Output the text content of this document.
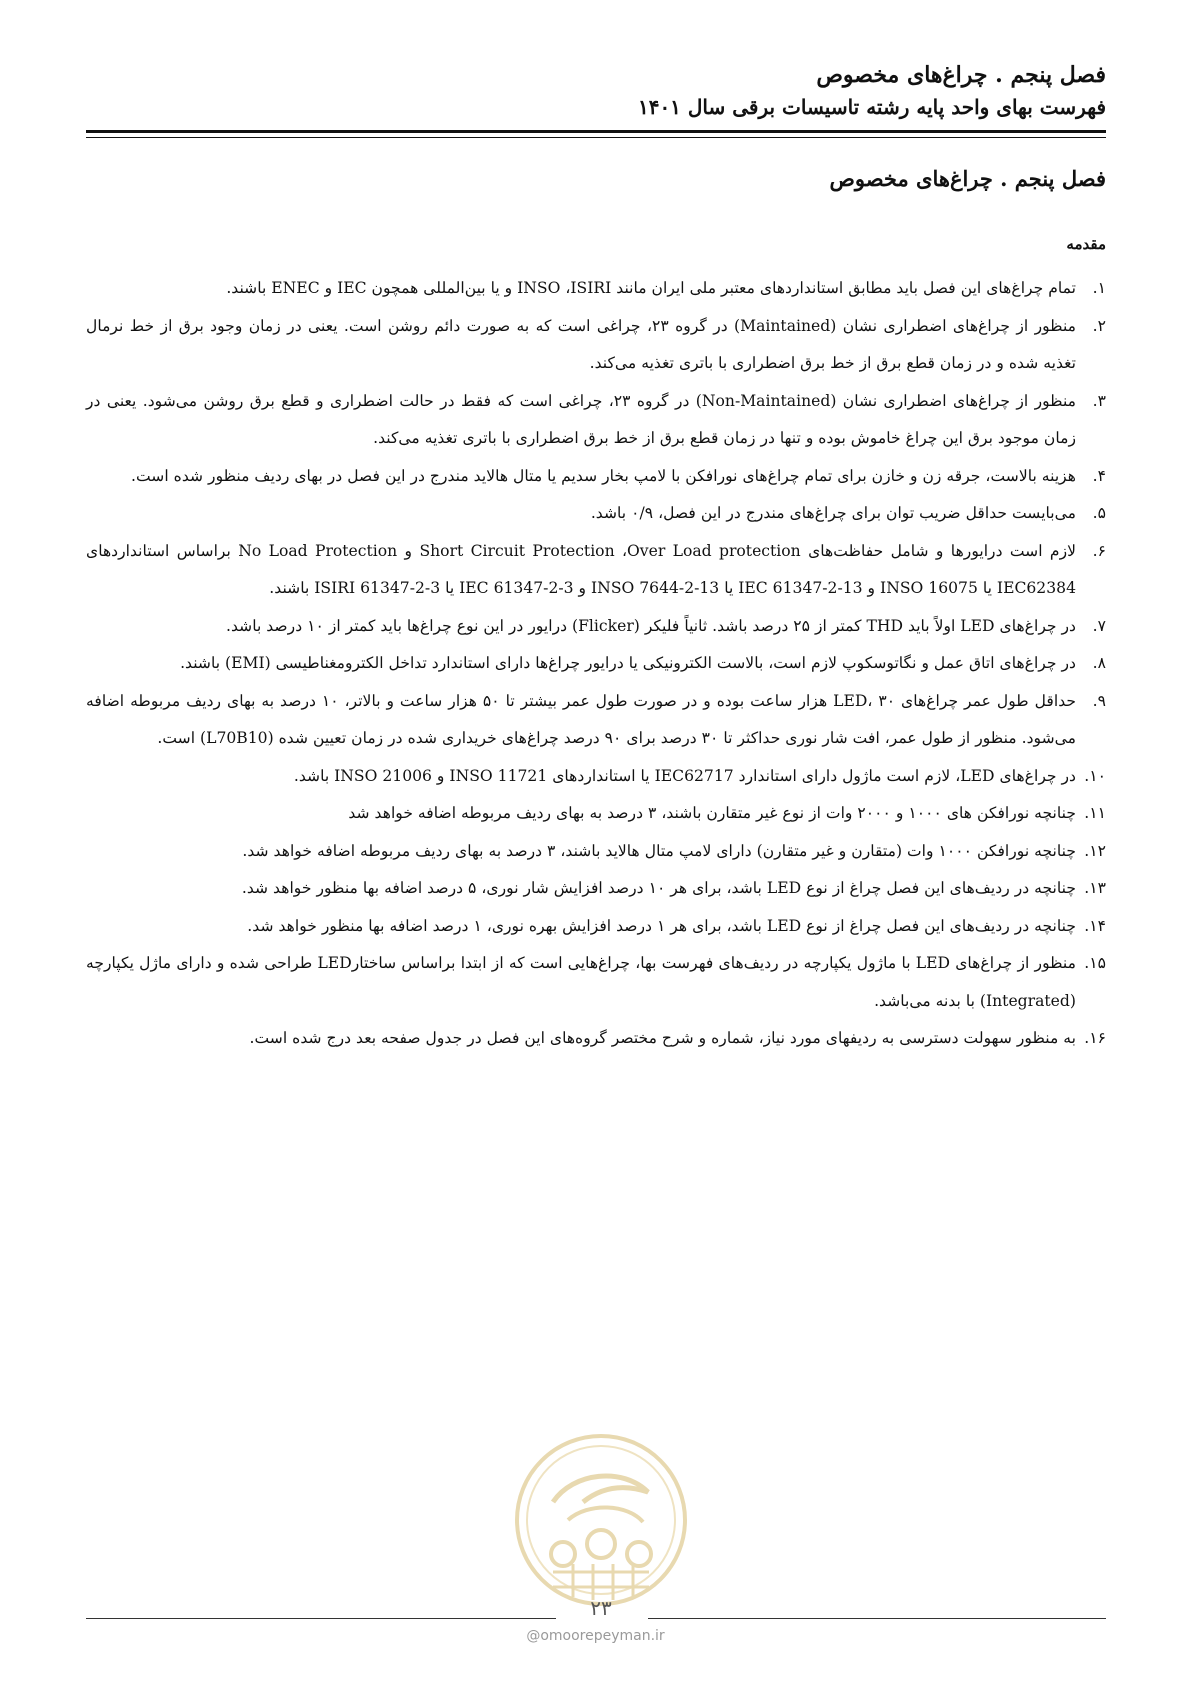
فصل پنجم . چراغ‌های مخصوص
فهرست بهای واحد پایه رشته تاسیسات برقی سال ۱۴۰۱
فصل پنجم . چراغ‌های مخصوص
مقدمه
۱.
تمام چراغ‌های این فصل باید مطابق استانداردهای معتبر ملی ایران مانند INSO ،ISIRI و یا بین‌المللی همچون IEC و ENEC باشند.
۲.
منظور از چراغ‌های اضطراری نشان (Maintained) در گروه ۲۳، چراغی است که به صورت دائم روشن است. یعنی در زمان وجود برق از خط نرمال تغذیه شده و در زمان قطع برق از خط برق اضطراری با باتری تغذیه می‌کند.
۳.
منظور از چراغ‌های اضطراری نشان (Non-Maintained) در گروه ۲۳، چراغی است که فقط در حالت اضطراری و قطع برق روشن می‌شود. یعنی در زمان موجود برق این چراغ خاموش بوده و تنها در زمان قطع برق از خط برق اضطراری با باتری تغذیه می‌کند.
۴.
هزینه بالاست، جرقه زن و خازن برای تمام چراغ‌های نورافکن با لامپ بخار سدیم یا متال هالاید مندرج در این فصل در بهای ردیف منظور شده است.
۵.
می‌بایست حداقل ضریب توان برای چراغ‌های مندرج در این فصل، ۰/۹ باشد.
۶.
لازم است درایورها و شامل حفاظت‌های Short Circuit Protection ،Over Load protection و No Load Protection براساس استانداردهای IEC62384 یا INSO 16075 و IEC 61347-2-13 یا INSO 7644-2-13 و IEC 61347-2-3 یا ISIRI 61347-2-3 باشند.
۷.
در چراغ‌های LED اولاً باید THD کمتر از ۲۵ درصد باشد. ثانیاً فلیکر (Flicker) درایور در این نوع چراغ‌ها باید کمتر از ۱۰ درصد باشد.
۸.
در چراغ‌های اتاق عمل و نگاتوسکوپ لازم است، بالاست الکترونیکی یا درایور چراغ‌ها دارای استاندارد تداخل الکترومغناطیسی (EMI) باشند.
۹.
حداقل طول عمر چراغ‌های LED، ۳۰ هزار ساعت بوده و در صورت طول عمر بیشتر تا ۵۰ هزار ساعت و بالاتر، ۱۰ درصد به بهای ردیف مربوطه اضافه می‌شود. منظور از طول عمر، افت شار نوری حداکثر تا ۳۰ درصد برای ۹۰ درصد چراغ‌های خریداری شده در زمان تعیین شده (L70B10) است.
۱۰.
در چراغ‌های LED، لازم است ماژول دارای استاندارد IEC62717 یا استانداردهای INSO 11721 و INSO 21006 باشد.
۱۱.
چنانچه نورافکن های ۱۰۰۰ و ۲۰۰۰ وات از نوع غیر متقارن باشند، ۳ درصد به بهای ردیف مربوطه اضافه خواهد شد
۱۲.
چنانچه نورافکن ۱۰۰۰ وات (متقارن و غیر متقارن) دارای لامپ متال هالاید باشند، ۳ درصد به بهای ردیف مربوطه اضافه خواهد شد.
۱۳.
چنانچه در ردیف‌های این فصل چراغ از نوع LED باشد، برای هر ۱۰ درصد افزایش شار نوری، ۵ درصد اضافه بها منظور خواهد شد.
۱۴.
چنانچه در ردیف‌های این فصل چراغ از نوع LED باشد، برای هر ۱ درصد افزایش بهره نوری، ۱ درصد اضافه بها منظور خواهد شد.
۱۵.
منظور از چراغ‌های LED با ماژول یکپارچه در ردیف‌های فهرست بها، چراغ‌هایی است که از ابتدا براساس ساختارLED طراحی شده و دارای ماژل یکپارچه (Integrated) با بدنه می‌باشد.
۱۶.
به منظور سهولت دسترسی به ردیفهای مورد نیاز، شماره و شرح مختصر گروه‌های این فصل در جدول صفحه بعد درج شده است.
۲۳
@omoorepeyman.ir
